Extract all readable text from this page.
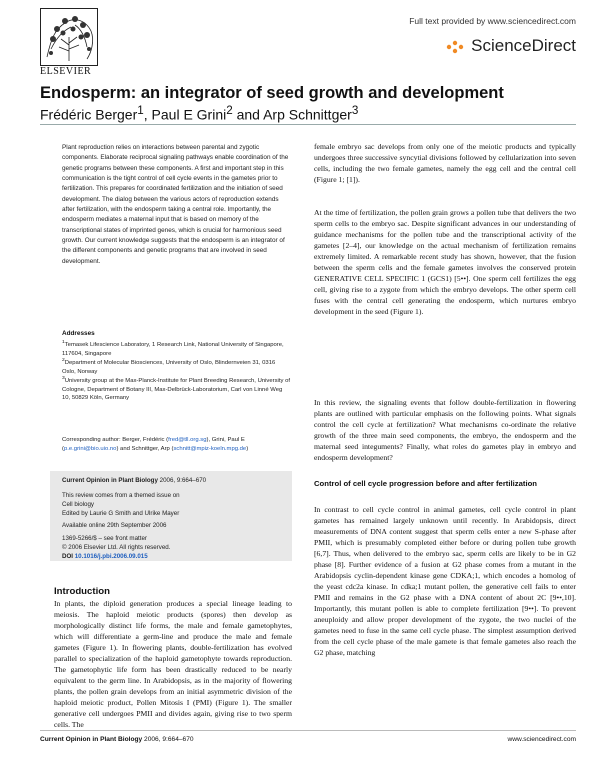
ELSEVIER
Full text provided by www.sciencedirect.com
ScienceDirect
Endosperm: an integrator of seed growth and development
Frédéric Berger$^1$, Paul E Grini$^2$ and Arp Schnittger$^3$
Plant reproduction relies on interactions between parental and zygotic components. Elaborate reciprocal signaling pathways enable coordination of the genetic programs between these components. A first and important step in this communication is the tight control of cell cycle events in the gametes prior to fertilization. This prepares for coordinated fertilization and the initiation of seed development. The dialog between the various actors of reproduction extends after fertilization, with the endosperm taking a central role. Importantly, the endosperm mediates a maternal input that is based on memory of the transcriptional states of imprinted genes, which is crucial for harmonious seed growth. Our current knowledge suggests that the endosperm is an integrator of the different components and genetic programs that are involved in seed development.
Addresses
$^1$Temasek Lifescience Laboratory, 1 Research Link, National University of Singapore, 117604, Singapore
$^2$Department of Molecular Biosciences, University of Oslo, Blindernveien 31, 0316 Oslo, Norway
$^3$University group at the Max-Planck-Institute for Plant Breeding Research, University of Cologne, Department of Botany III, Max-Delbrück-Laboratorium, Carl von Linné Weg 10, 50829 Köln, Germany
Corresponding author: Berger, Frédéric (fred@tll.org.sg), Grini, Paul E (p.e.grini@bio.uio.no) and Schnittger, Arp (schnitt@mpiz-koeln.mpg.de)
Current Opinion in Plant Biology 2006, 9:664–670
This review comes from a themed issue on
Cell biology
Edited by Laurie G Smith and Ulrike Mayer
Available online 29th September 2006
1369-5266/$ – see front matter
© 2006 Elsevier Ltd. All rights reserved.
DOI 10.1016/j.pbi.2006.09.015
Introduction
In plants, the diploid generation produces a special lineage leading to meiosis. The haploid meiotic products (spores) then develop as morphologically distinct life forms, the male and female gametophytes, which will differentiate a germ-line and produce the male and female gametes (Figure 1). In flowering plants, double-fertilization has evolved parallel to specialization of the haploid gametophyte towards reproduction. The gametophytic life form has been drastically reduced to be nearly equivalent to the germ line. In Arabidopsis, as in the majority of flowering plants, the pollen grain develops from an initial asymmetric division of the haploid meiotic product, Pollen Mitosis I (PMI) (Figure 1). The smaller generative cell undergoes PMII and divides again, giving rise to two sperm cells. The
female embryo sac develops from only one of the meiotic products and typically undergoes three successive syncytial divisions followed by cellularization into seven cells, including the two female gametes, namely the egg cell and the central cell (Figure 1; [1]).
At the time of fertilization, the pollen grain grows a pollen tube that delivers the two sperm cells to the embryo sac. Despite significant advances in our understanding of guidance mechanisms for the pollen tube and the transcriptional activity of the gametes [2–4], our knowledge on the actual mechanism of fertilization remains extremely limited. A remarkable recent study has shown, however, that the fusion between the sperm cells and the female gametes involves the conserved protein GENERATIVE CELL SPECIFIC 1 (GCS1) [5••]. One sperm cell fertilizes the egg cell, giving rise to a zygote from which the embryo develops. The other sperm cell fuses with the central cell generating the endosperm, which nurtures embryo development in the seed (Figure 1).
In this review, the signaling events that follow double-fertilization in flowering plants are outlined with particular emphasis on the following points. What signals control the cell cycle at fertilization? What mechanisms co-ordinate the relative growth of the three main seed components, the embryo, the endosperm and the maternal seed integuments? Finally, what roles do gametes play in embryo and endosperm development?
Control of cell cycle progression before and after fertilization
In contrast to cell cycle control in animal gametes, cell cycle control in plant gametes has remained largely unknown until recently. In Arabidopsis, direct measurements of DNA content suggest that sperm cells enter a new S-phase after PMII, which is presumably completed either before or during pollen tube growth [6,7]. Thus, when delivered to the embryo sac, sperm cells are likely to be in G2 phase [8]. Further evidence of a fusion at G2 phase comes from a mutant in the Arabidopsis cyclin-dependent kinase gene CDKA;1, which encodes a homolog of the yeast cdc2a kinase. In cdka;1 mutant pollen, the generative cell fails to enter PMII and remains in the G2 phase with a DNA content of about 2C [9••,10]. Importantly, this mutant pollen is able to complete fertilization [9••]. To prevent aneuploidy and allow proper development of the zygote, the two nuclei of the gametes need to fuse in the same cell cycle phase. The simplest assumption derived from the cell cycle phase of the male gamete is that female gametes also reach the G2 phase, matching
Current Opinion in Plant Biology 2006, 9:664–670	www.sciencedirect.com
